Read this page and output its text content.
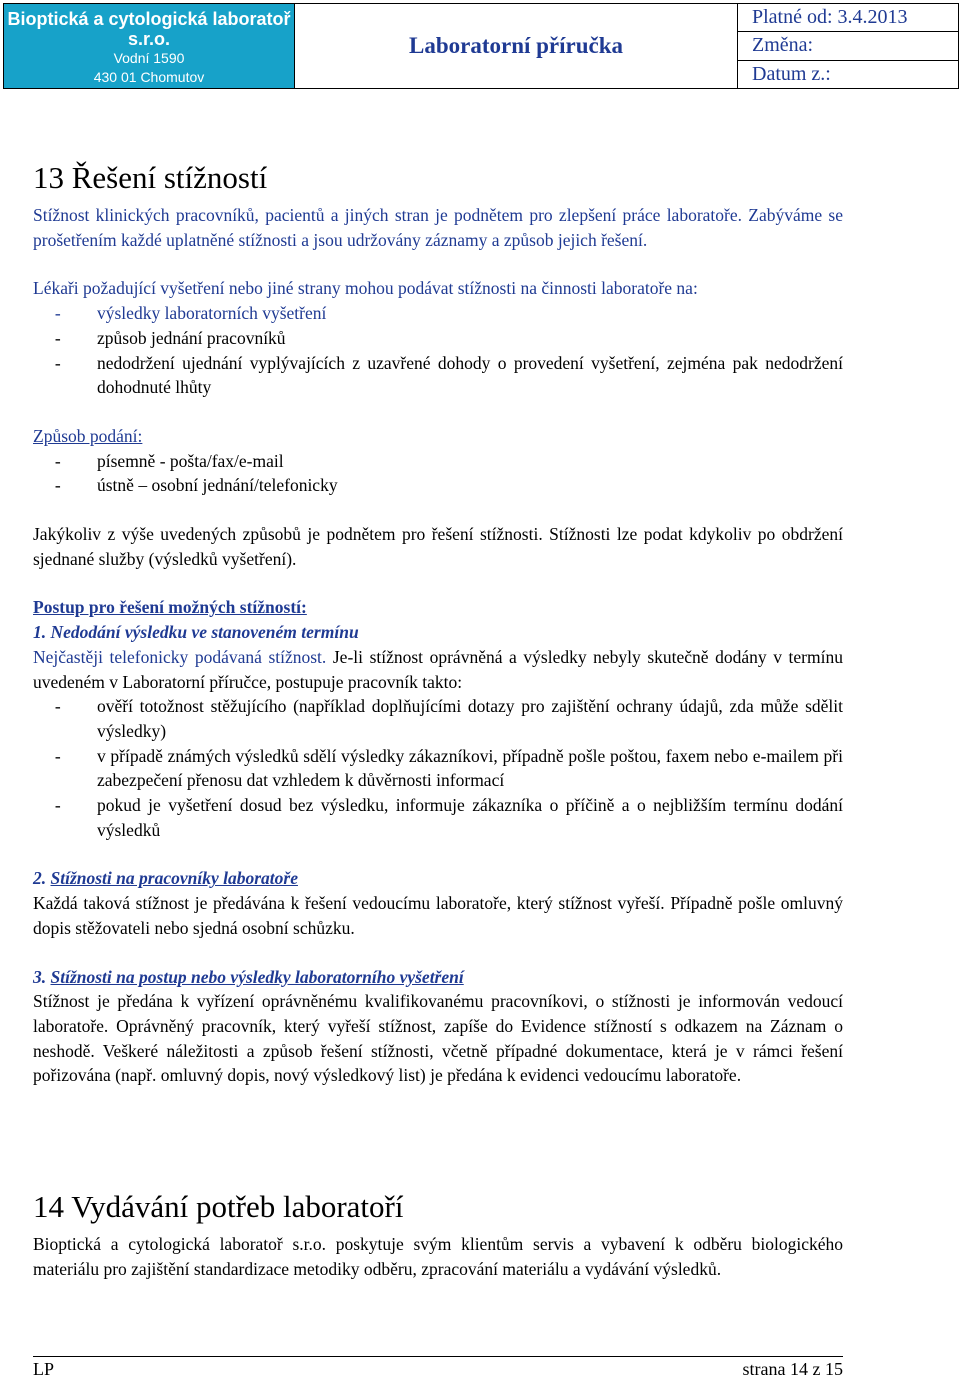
Bioptická a cytologická laboratoř s.r.o.
Vodní 1590
430 01 Chomutov
Laboratorní příručka
Platné od: 3.4.2013
Změna:
Datum z.:
13 Řešení stížností

Stížnost klinických pracovníků, pacientů a jiných stran je podnětem pro zlepšení práce laboratoře. Zabýváme se prošetřením každé uplatněné stížnosti a jsou udržovány záznamy a způsob jejich řešení.

Lékaři požadující vyšetření nebo jiné strany mohou podávat stížnosti na činnosti laboratoře na:

-	výsledky laboratorních vyšetření
-	způsob jednání pracovníků
-	nedodržení ujednání vyplývajících z uzavřené dohody o provedení vyšetření, zejména pak nedodržení dohodnuté lhůty

Způsob podání:

-	písemně - pošta/fax/e-mail
-	ústně – osobní jednání/telefonicky

Jakýkoliv z výše uvedených způsobů je podnětem pro řešení stížnosti. Stížnosti lze podat kdykoliv po obdržení sjednané služby (výsledků vyšetření).

Postup pro řešení možných stížností:

1. Nedodání výsledku ve stanoveném termínu

Nejčastěji telefonicky podávaná stížnost. Je-li stížnost oprávněná a výsledky nebyly skutečně dodány v termínu uvedeném v Laboratorní příručce, postupuje pracovník takto:

-	ověří totožnost stěžujícího (například doplňujícími dotazy pro zajištění ochrany údajů, zda může sdělit výsledky)
-	v případě známých výsledků sdělí výsledky zákazníkovi, případně pošle poštou, faxem nebo e-mailem při zabezpečení přenosu dat vzhledem k důvěrnosti informací
-	pokud je vyšetření dosud bez výsledku, informuje zákazníka o příčině a o nejbližším termínu dodání výsledků

2. Stížnosti na pracovníky laboratoře

Každá taková stížnost je předávána k řešení vedoucímu laboratoře, který stížnost vyřeší. Případně pošle omluvný dopis stěžovateli nebo sjedná osobní schůzku.

3. Stížnosti na postup nebo výsledky laboratorního vyšetření

Stížnost je předána k vyřízení oprávněnému kvalifikovanému pracovníkovi, o stížnosti je informován vedoucí laboratoře. Oprávněný pracovník, který vyřeší stížnost, zapíše do Evidence stížností s odkazem na Záznam o neshodě. Veškeré náležitosti a způsob řešení stížnosti, včetně případné dokumentace, která je v rámci řešení pořizována (např. omluvný dopis, nový výsledkový list) je předána k evidenci vedoucímu laboratoře.

14 Vydávání potřeb laboratoří

Bioptická a cytologická laboratoř s.r.o. poskytuje svým klientům servis a vybavení k odběru biologického materiálu pro zajištění standardizace metodiky odběru, zpracování materiálu a vydávání výsledků.

LP	strana 14 z 15
